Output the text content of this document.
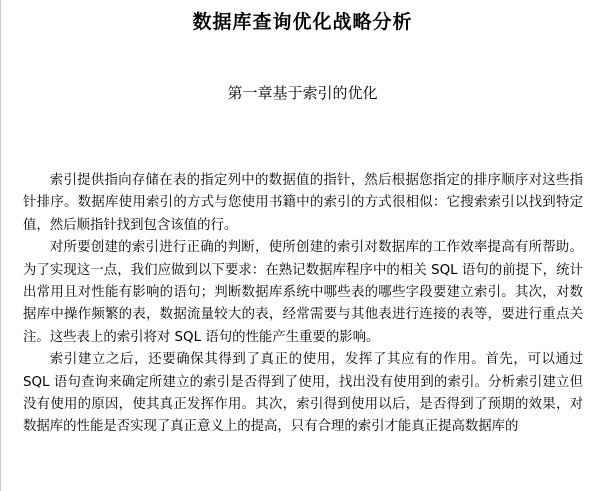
数据库查询优化战略分析
第一章基于索引的优化

索引提供指向存储在表的指定列中的数据值的指针，然后根据您指定的排序顺序对这些指针排序。数据库使用索引的方式与您使用书籍中的索引的方式很相似：它搜索索引以找到特定值，然后顺指针找到包含该值的行。

对所要创建的索引进行正确的判断，使所创建的索引对数据库的工作效率提高有所帮助。为了实现这一点，我们应做到以下要求：在熟记数据库程序中的相关 SQL 语句的前提下，统计出常用且对性能有影响的语句；判断数据库系统中哪些表的哪些字段要建立索引。其次，对数据库中操作频繁的表，数据流量较大的表，经常需要与其他表进行连接的表等，要进行重点关注。这些表上的索引将对 SQL 语句的性能产生重要的影响。

索引建立之后，还要确保其得到了真正的使用，发挥了其应有的作用。首先，可以通过 SQL 语句查询来确定所建立的索引是否得到了使用，找出没有使用到的索引。分析索引建立但没有使用的原因，使其真正发挥作用。其次，索引得到使用以后，是否得到了预期的效果，对数据库的性能是否实现了真正意义上的提高，只有合理的索引才能真正提高数据库的
